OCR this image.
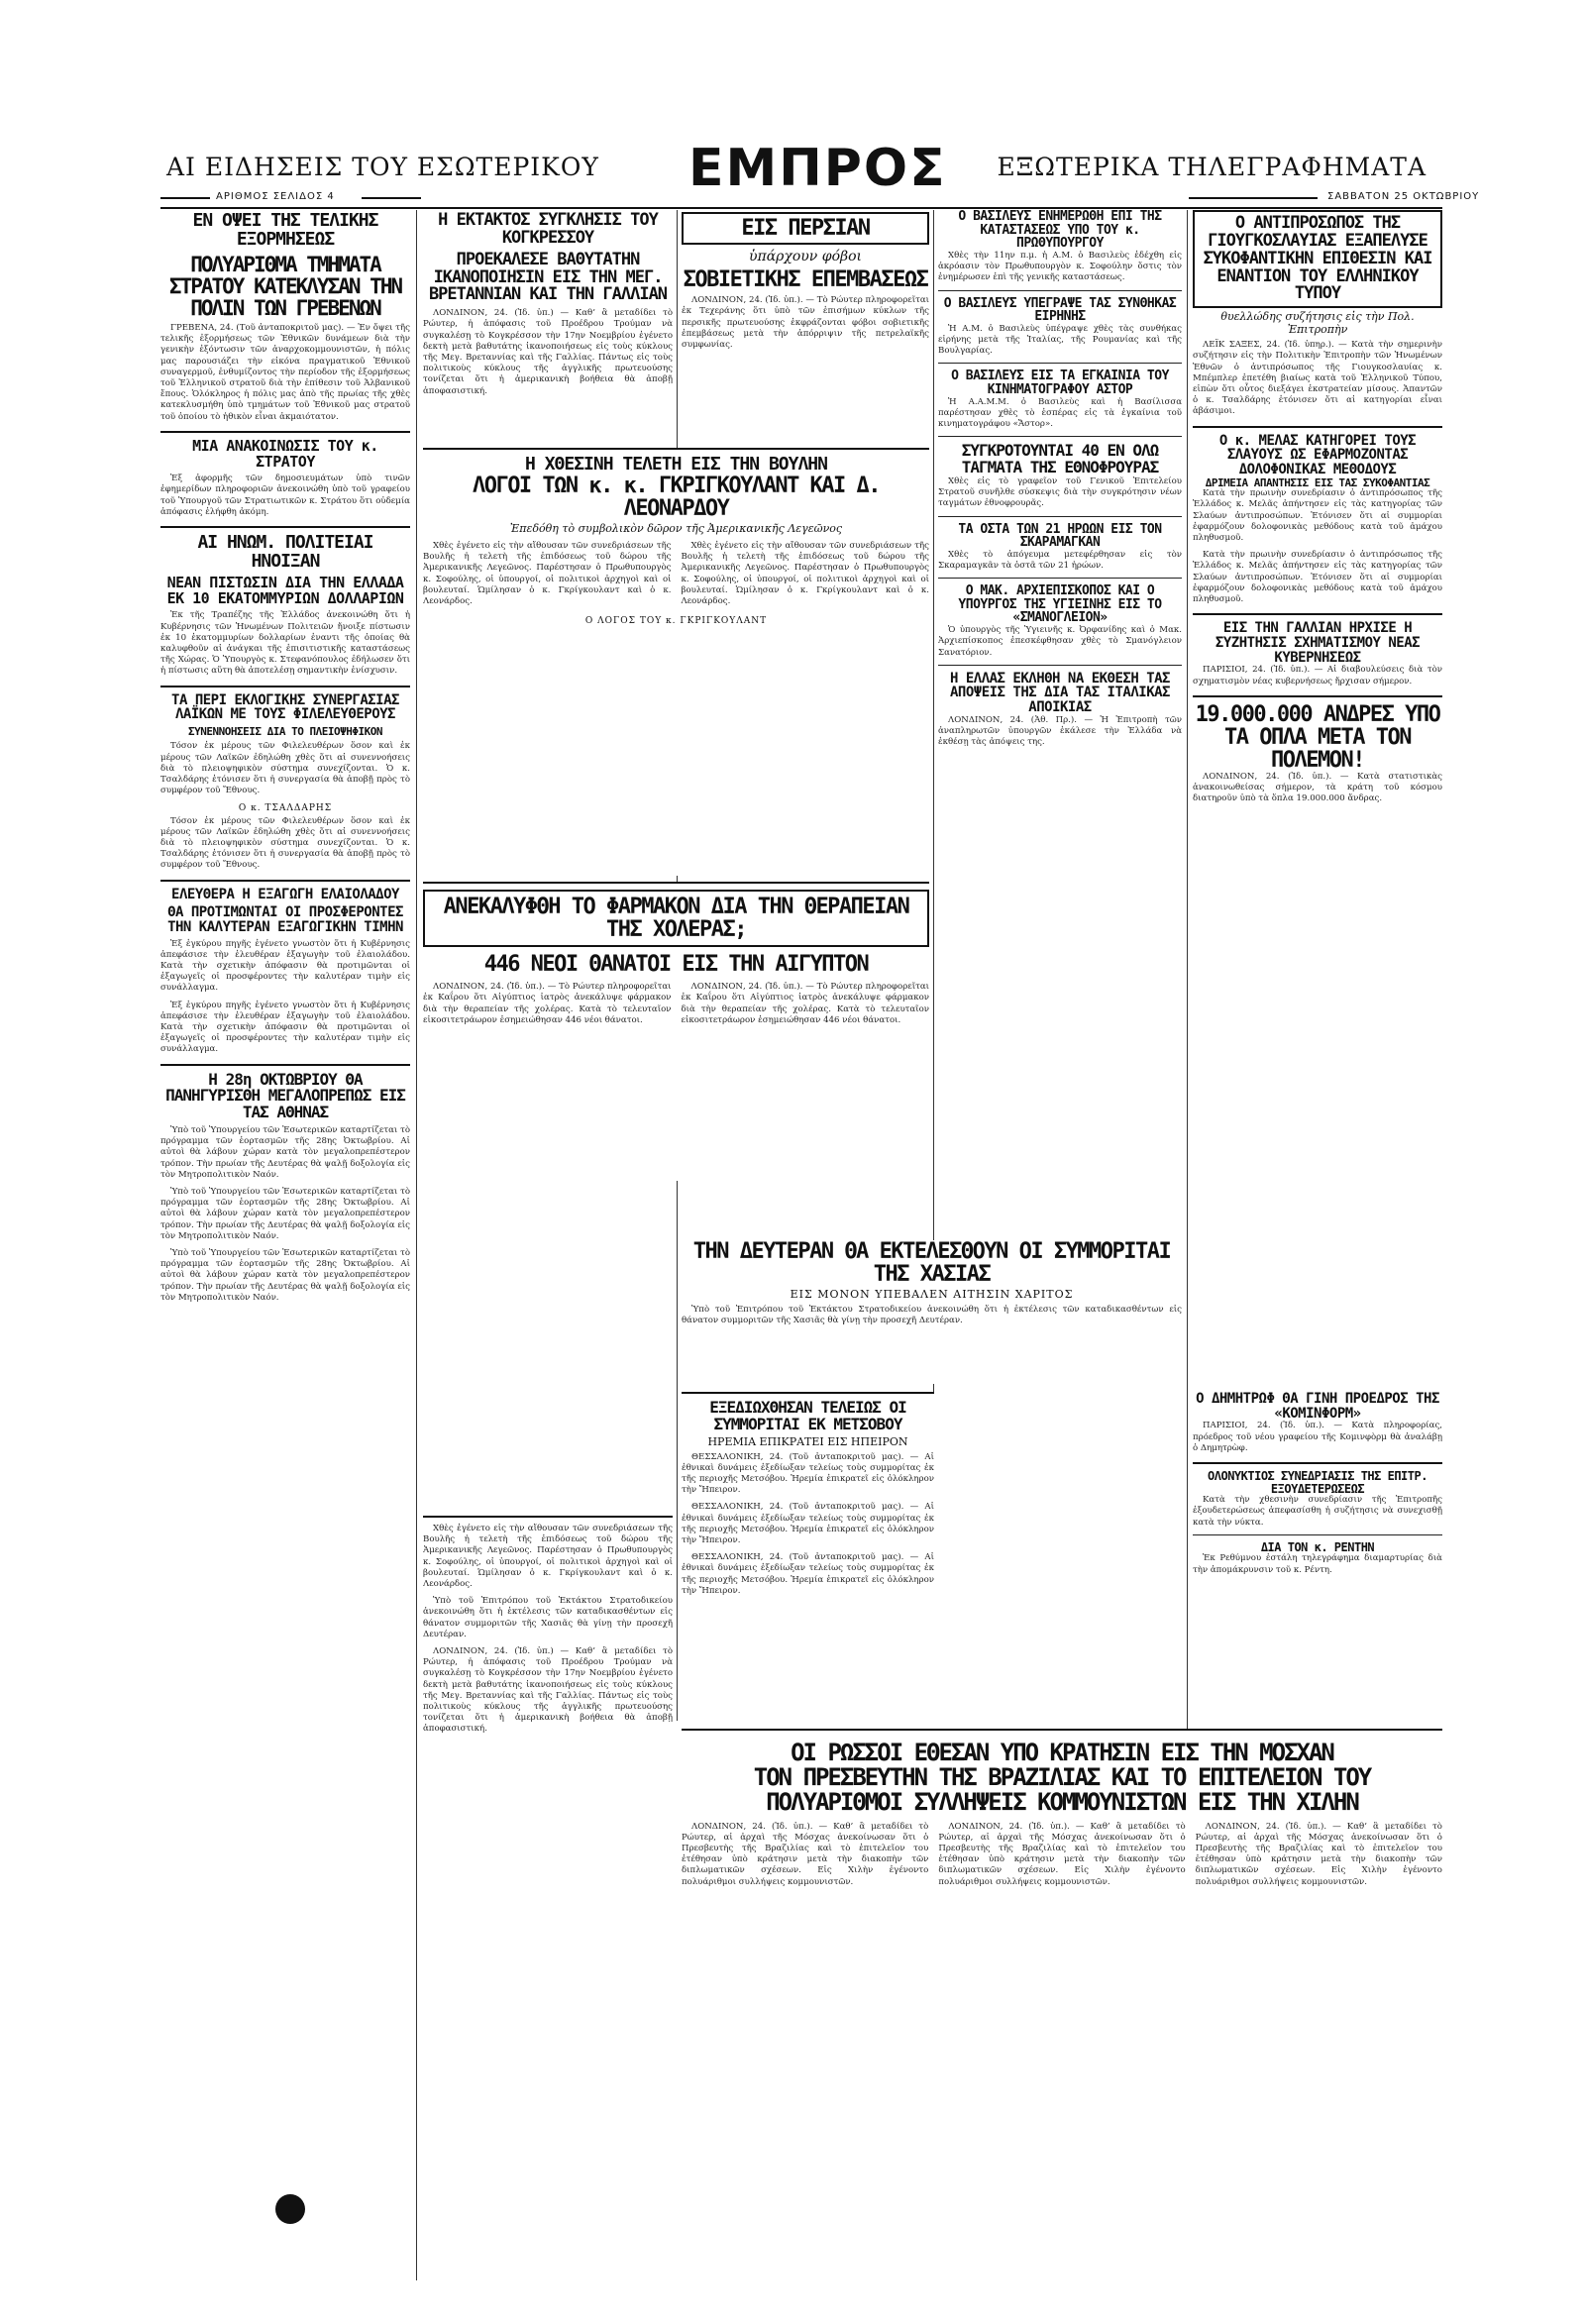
ΑΙ ΕΙΔΗΣΕΙΣ ΤΟΥ ΕΣΩΤΕΡΙΚΟΥ ΕΜΠΡΟΣ ΕΞΩΤΕΡΙΚΑ ΤΗΛΕΓΡΑΦΗΜΑΤΑ
ΑΡΙΘΜΟΣ ΣΕΛΙΔΟΣ 4	ΣΑΒΒΑΤΟΝ 25 ΟΚΤΩΒΡΙΟΥ
ΕΝ ΟΨΕΙ ΤΗΣ ΤΕΛΙΚΗΣ ΕΞΟΡΜΗΣΕΩΣ
ΠΟΛΥΑΡΙΘΜΑ ΤΜΗΜΑΤΑ ΣΤΡΑΤΟΥ ΚΑΤΕΚΛΥΣΑΝ ΤΗΝ ΠΟΛΙΝ ΤΩΝ ΓΡΕΒΕΝΩΝ

ΓΡΕΒΕΝΑ, 24. (Τοῦ ἀνταποκριτοῦ μας). — Ἐν ὄψει τῆς τελικῆς ἐξορμήσεως τῶν Ἐθνικῶν δυνάμεων διὰ τὴν γενικὴν ἐξόντωσιν τῶν ἀναρχοκομμουνιστῶν, ἡ πόλις μας παρουσιάζει τὴν εἰκόνα πραγματικοῦ Ἐθνικοῦ συναγερμοῦ, ἐνθυμίζοντος τὴν περίοδον τῆς ἐξορμήσεως τοῦ Ἑλληνικοῦ στρατοῦ διὰ τὴν ἐπίθεσιν τοῦ Ἀλβανικοῦ ἔπους. Ὁλόκληρος ἡ πόλις μας ἀπὸ τῆς πρωίας τῆς χθὲς κατεκλυσμήθη ὑπὸ τμημάτων τοῦ Ἐθνικοῦ μας στρατοῦ τοῦ ὁποίου τὸ ἠθικὸν εἶναι ἀκμαιότατον.

ΜΙΑ ΑΝΑΚΟΙΝΩΣΙΣ ΤΟΥ κ. ΣΤΡΑΤΟΥ

Ἐξ ἀφορμῆς τῶν δημοσιευμάτων ὑπὸ τινῶν ἐφημερίδων πληροφοριῶν ἀνεκοινώθη ὑπὸ τοῦ γραφείου τοῦ Ὑπουργοῦ τῶν Στρατιωτικῶν κ. Στράτου ὅτι οὐδεμία ἀπόφασις ἐλήφθη ἀκόμη.

ΑΙ ΗΝΩΜ. ΠΟΛΙΤΕΙΑΙ ΗΝΟΙΞΑΝ
ΝΕΑΝ ΠΙΣΤΩΣΙΝ ΔΙΑ ΤΗΝ ΕΛΛΑΔΑ ΕΚ 10 ΕΚΑΤΟΜΜΥΡΙΩΝ ΔΟΛΛΑΡΙΩΝ

Ἐκ τῆς Τραπέζης τῆς Ἑλλάδος ἀνεκοινώθη ὅτι ἡ Κυβέρνησις τῶν Ἡνωμένων Πολιτειῶν ἤνοιξε πίστωσιν ἐκ 10 ἑκατομμυρίων δολλαρίων ἐναντι τῆς ὁποίας θὰ καλυφθοῦν αἱ ἀνάγκαι τῆς ἐπισιτιστικῆς καταστάσεως τῆς Χώρας. Ὁ Ὑπουργὸς κ. Στεφανόπουλος ἐδήλωσεν ὅτι ἡ πίστωσις αὕτη θὰ ἀποτελέσῃ σημαντικὴν ἐνίσχυσιν.

ΤΑ ΠΕΡΙ ΕΚΛΟΓΙΚΗΣ ΣΥΝΕΡΓΑΣΙΑΣ ΛΑΪΚΩΝ ΜΕ ΤΟΥΣ ΦΙΛΕΛΕΥΘΕΡΟΥΣ
ΣΥΝΕΝΝΟΗΣΕΙΣ ΔΙΑ ΤΟ ΠΛΕΙΟΨΗΦΙΚΟΝ

Τόσον ἐκ μέρους τῶν Φιλελευθέρων ὅσον καὶ ἐκ μέρους τῶν Λαϊκῶν ἐδηλώθη χθὲς ὅτι αἱ συνεννοήσεις διὰ τὸ πλειοψηφικὸν σύστημα συνεχίζονται. Ὁ κ. Τσαλδάρης ἐτόνισεν ὅτι ἡ συνεργασία θὰ ἀποβῇ πρὸς τὸ συμφέρον τοῦ Ἔθνους.

Ο κ. ΤΣΑΛΔΑΡΗΣ

Τόσον ἐκ μέρους τῶν Φιλελευθέρων ὅσον καὶ ἐκ μέρους τῶν Λαϊκῶν ἐδηλώθη χθὲς ὅτι αἱ συνεννοήσεις διὰ τὸ πλειοψηφικὸν σύστημα συνεχίζονται. Ὁ κ. Τσαλδάρης ἐτόνισεν ὅτι ἡ συνεργασία θὰ ἀποβῇ πρὸς τὸ συμφέρον τοῦ Ἔθνους.

ΕΛΕΥΘΕΡΑ Η ΕΞΑΓΩΓΗ ΕΛΑΙΟΛΑΔΟΥ
ΘΑ ΠΡΟΤΙΜΩΝΤΑΙ ΟΙ ΠΡΟΣΦΕΡΟΝΤΕΣ ΤΗΝ ΚΑΛΥΤΕΡΑΝ ΕΞΑΓΩΓΙΚΗΝ ΤΙΜΗΝ

Ἐξ ἐγκύρου πηγῆς ἐγένετο γνωστὸν ὅτι ἡ Κυβέρνησις ἀπεφάσισε τὴν ἐλευθέραν ἐξαγωγὴν τοῦ ἐλαιολάδου. Κατὰ τὴν σχετικὴν ἀπόφασιν θὰ προτιμῶνται οἱ ἐξαγωγεῖς οἱ προσφέροντες τὴν καλυτέραν τιμὴν εἰς συνάλλαγμα.

Ἐξ ἐγκύρου πηγῆς ἐγένετο γνωστὸν ὅτι ἡ Κυβέρνησις ἀπεφάσισε τὴν ἐλευθέραν ἐξαγωγὴν τοῦ ἐλαιολάδου. Κατὰ τὴν σχετικὴν ἀπόφασιν θὰ προτιμῶνται οἱ ἐξαγωγεῖς οἱ προσφέροντες τὴν καλυτέραν τιμὴν εἰς συνάλλαγμα.

Η 28η ΟΚΤΩΒΡΙΟΥ ΘΑ ΠΑΝΗΓΥΡΙΣΘΗ ΜΕΓΑΛΟΠΡΕΠΩΣ ΕΙΣ ΤΑΣ ΑΘΗΝΑΣ

Ὑπὸ τοῦ Ὑπουργείου τῶν Ἐσωτερικῶν καταρτίζεται τὸ πρόγραμμα τῶν ἑορτασμῶν τῆς 28ης Ὀκτωβρίου. Αἱ αὐτοὶ θὰ λάβουν χώραν κατὰ τὸν μεγαλοπρεπέστερον τρόπον. Τὴν πρωίαν τῆς Δευτέρας θὰ ψαλῇ δοξολογία εἰς τὸν Μητροπολιτικὸν Ναόν.

Ὑπὸ τοῦ Ὑπουργείου τῶν Ἐσωτερικῶν καταρτίζεται τὸ πρόγραμμα τῶν ἑορτασμῶν τῆς 28ης Ὀκτωβρίου. Αἱ αὐτοὶ θὰ λάβουν χώραν κατὰ τὸν μεγαλοπρεπέστερον τρόπον. Τὴν πρωίαν τῆς Δευτέρας θὰ ψαλῇ δοξολογία εἰς τὸν Μητροπολιτικὸν Ναόν.

Ὑπὸ τοῦ Ὑπουργείου τῶν Ἐσωτερικῶν καταρτίζεται τὸ πρόγραμμα τῶν ἑορτασμῶν τῆς 28ης Ὀκτωβρίου. Αἱ αὐτοὶ θὰ λάβουν χώραν κατὰ τὸν μεγαλοπρεπέστερον τρόπον. Τὴν πρωίαν τῆς Δευτέρας θὰ ψαλῇ δοξολογία εἰς τὸν Μητροπολιτικὸν Ναόν.

Η ΕΚΤΑΚΤΟΣ ΣΥΓΚΛΗΣΙΣ ΤΟΥ ΚΟΓΚΡΕΣΣΟΥ
ΠΡΟΕΚΑΛΕΣΕ ΒΑΘΥΤΑΤΗΝ ΙΚΑΝΟΠΟΙΗΣΙΝ ΕΙΣ ΤΗΝ ΜΕΓ. ΒΡΕΤΑΝΝΙΑΝ ΚΑΙ ΤΗΝ ΓΑΛΛΙΑΝ

ΛΟΝΔΙΝΟΝ, 24. (Ἰδ. ὑπ.) — Καθ’ ἃ μεταδίδει τὸ Ρώυτερ, ἡ ἀπόφασις τοῦ Προέδρου Τρούμαν νὰ συγκαλέσῃ τὸ Κογκρέσσον τὴν 17ην Νοεμβρίου ἐγένετο δεκτὴ μετὰ βαθυτάτης ἱκανοποιήσεως εἰς τοὺς κύκλους τῆς Μεγ. Βρεταννίας καὶ τῆς Γαλλίας. Πάντως εἰς τοὺς πολιτικοὺς κύκλους τῆς ἀγγλικῆς πρωτευούσης τονίζεται ὅτι ἡ ἀμερικανικὴ βοήθεια θὰ ἀποβῇ ἀποφασιστική.

ΕΙΣ ΠΕΡΣΙΑΝ
ὑπάρχουν φόβοι
ΣΟΒΙΕΤΙΚΗΣ ΕΠΕΜΒΑΣΕΩΣ

ΛΟΝΔΙΝΟΝ, 24. (Ἰδ. ὑπ.). — Τὸ Ρώυτερ πληροφορεῖται ἐκ Τεχεράνης ὅτι ὑπὸ τῶν ἐπισήμων κύκλων τῆς περσικῆς πρωτευούσης ἐκφράζονται φόβοι σοβιετικῆς ἐπεμβάσεως μετὰ τὴν ἀπόρριψιν τῆς πετρελαϊκῆς συμφωνίας.

Ο ΑΝΤΙΠΡΟΣΩΠΟΣ ΤΗΣ ΓΙΟΥΓΚΟΣΛΑΥΙΑΣ ΕΞΑΠΕΛΥΣΕ ΣΥΚΟΦΑΝΤΙΚΗΝ ΕΠΙΘΕΣΙΝ ΚΑΙ ΕΝΑΝΤΙΟΝ ΤΟΥ ΕΛΛΗΝΙΚΟΥ ΤΥΠΟΥ
θυελλώδης συζήτησις εἰς τὴν Πολ. Ἐπιτροπὴν

ΛΕΪΚ ΣΑΞΕΣ, 24. (Ἰδ. ὑπηρ.). — Κατὰ τὴν σημερινὴν συζήτησιν εἰς τὴν Πολιτικὴν Ἐπιτροπὴν τῶν Ἡνωμένων Ἐθνῶν ὁ ἀντιπρόσωπος τῆς Γιουγκοσλαυίας κ. Μπέμπλερ ἐπετέθη βιαίως κατὰ τοῦ Ἑλληνικοῦ Τύπου, εἰπὼν ὅτι οὗτος διεξάγει ἐκστρατείαν μίσους. Ἀπαντῶν ὁ κ. Τσαλδάρης ἐτόνισεν ὅτι αἱ κατηγορίαι εἶναι ἀβάσιμοι.

Ο κ. ΜΕΛΑΣ ΚΑΤΗΓΟΡΕΙ ΤΟΥΣ ΣΛΑΥΟΥΣ ΩΣ ΕΦΑΡΜΟΖΟΝΤΑΣ ΔΟΛΟΦΟΝΙΚΑΣ ΜΕΘΟΔΟΥΣ
ΔΡΙΜΕΙΑ ΑΠΑΝΤΗΣΙΣ ΕΙΣ ΤΑΣ ΣΥΚΟΦΑΝΤΙΑΣ

Κατὰ τὴν πρωινὴν συνεδρίασιν ὁ ἀντιπρόσωπος τῆς Ἑλλάδος κ. Μελᾶς ἀπήντησεν εἰς τὰς κατηγορίας τῶν Σλαύων ἀντιπροσώπων. Ἐτόνισεν ὅτι αἱ συμμορίαι ἐφαρμόζουν δολοφονικὰς μεθόδους κατὰ τοῦ ἀμάχου πληθυσμοῦ.

Κατὰ τὴν πρωινὴν συνεδρίασιν ὁ ἀντιπρόσωπος τῆς Ἑλλάδος κ. Μελᾶς ἀπήντησεν εἰς τὰς κατηγορίας τῶν Σλαύων ἀντιπροσώπων. Ἐτόνισεν ὅτι αἱ συμμορίαι ἐφαρμόζουν δολοφονικὰς μεθόδους κατὰ τοῦ ἀμάχου πληθυσμοῦ.

ΕΙΣ ΤΗΝ ΓΑΛΛΙΑΝ ΗΡΧΙΣΕ Η ΣΥΖΗΤΗΣΙΣ ΣΧΗΜΑΤΙΣΜΟΥ ΝΕΑΣ ΚΥΒΕΡΝΗΣΕΩΣ

ΠΑΡΙΣΙΟΙ, 24. (Ἰδ. ὑπ.). — Αἱ διαβουλεύσεις διὰ τὸν σχηματισμὸν νέας κυβερνήσεως ἤρχισαν σήμερον.

19.000.000 ΑΝΔΡΕΣ ΥΠΟ ΤΑ ΟΠΛΑ ΜΕΤΑ ΤΟΝ ΠΟΛΕΜΟΝ!

ΛΟΝΔΙΝΟΝ, 24. (Ἰδ. ὑπ.). — Κατὰ στατιστικὰς ἀνακοινωθείσας σήμερον, τὰ κράτη τοῦ κόσμου διατηροῦν ὑπὸ τὰ ὅπλα 19.000.000 ἄνδρας.

Ο ΒΑΣΙΛΕΥΣ ΕΝΗΜΕΡΩΘΗ ΕΠΙ ΤΗΣ ΚΑΤΑΣΤΑΣΕΩΣ ΥΠΟ ΤΟΥ κ. ΠΡΩΘΥΠΟΥΡΓΟΥ

Χθὲς τὴν 11ην π.μ. ἡ Α.Μ. ὁ Βασιλεὺς ἐδέχθη εἰς ἀκρόασιν τὸν Πρωθυπουργὸν κ. Σοφούλην ὅστις τὸν ἐνημέρωσεν ἐπὶ τῆς γενικῆς καταστάσεως.

Ο ΒΑΣΙΛΕΥΣ ΥΠΕΓΡΑΨΕ ΤΑΣ ΣΥΝΘΗΚΑΣ ΕΙΡΗΝΗΣ

Ἡ Α.Μ. ὁ Βασιλεὺς ὑπέγραψε χθὲς τὰς συνθήκας εἰρήνης μετὰ τῆς Ἰταλίας, τῆς Ρουμανίας καὶ τῆς Βουλγαρίας.

Ο ΒΑΣΙΛΕΥΣ ΕΙΣ ΤΑ ΕΓΚΑΙΝΙΑ ΤΟΥ ΚΙΝΗΜΑΤΟΓΡΑΦΟΥ ΑΣΤΟΡ

Ἡ Α.Α.Μ.Μ. ὁ Βασιλεὺς καὶ ἡ Βασίλισσα παρέστησαν χθὲς τὸ ἑσπέρας εἰς τὰ ἐγκαίνια τοῦ κινηματογράφου «Ἄστορ».

ΣΥΓΚΡΟΤΟΥΝΤΑΙ 40 ΕΝ ΟΛΩ ΤΑΓΜΑΤΑ ΤΗΣ ΕΘΝΟΦΡΟΥΡΑΣ

Χθὲς εἰς τὸ γραφεῖον τοῦ Γενικοῦ Ἐπιτελείου Στρατοῦ συνῆλθε σύσκεψις διὰ τὴν συγκρότησιν νέων ταγμάτων ἐθνοφρουρᾶς.

ΤΑ ΟΣΤΑ ΤΩΝ 21 ΗΡΩΩΝ ΕΙΣ ΤΟΝ ΣΚΑΡΑΜΑΓΚΑΝ

Χθὲς τὸ ἀπόγευμα μετεφέρθησαν εἰς τὸν Σκαραμαγκᾶν τὰ ὀστᾶ τῶν 21 ἡρώων.

Ο ΜΑΚ. ΑΡΧΙΕΠΙΣΚΟΠΟΣ ΚΑΙ Ο ΥΠΟΥΡΓΟΣ ΤΗΣ ΥΓΙΕΙΝΗΣ ΕΙΣ ΤΟ «ΣΜΑΝΟΓΛΕΙΟΝ»

Ὁ ὑπουργὸς τῆς Ὑγιεινῆς κ. Ὀρφανίδης καὶ ὁ Μακ. Ἀρχιεπίσκοπος ἐπεσκέφθησαν χθὲς τὸ Σμανόγλειον Σανατόριον.

Η ΕΛΛΑΣ ΕΚΛΗΘΗ ΝΑ ΕΚΘΕΣΗ ΤΑΣ ΑΠΟΨΕΙΣ ΤΗΣ ΔΙΑ ΤΑΣ ΙΤΑΛΙΚΑΣ ΑΠΟΙΚΙΑΣ

ΛΟΝΔΙΝΟΝ, 24. (Ἀθ. Πρ.). — Ἡ Ἐπιτροπὴ τῶν ἀναπληρωτῶν ὑπουργῶν ἐκάλεσε τὴν Ἑλλάδα νὰ ἐκθέσῃ τὰς ἀπόψεις της.

Η ΧΘΕΣΙΝΗ ΤΕΛΕΤΗ ΕΙΣ ΤΗΝ ΒΟΥΛΗΝ
ΛΟΓΟΙ ΤΩΝ κ. κ. ΓΚΡΙΓΚΟΥΛΑΝΤ ΚΑΙ Δ. ΛΕΟΝΑΡΔΟΥ
Ἐπεδόθη τὸ συμβολικὸν δῶρον τῆς Ἀμερικανικῆς Λεγεῶνος

Χθὲς ἐγένετο εἰς τὴν αἴθουσαν τῶν συνεδριάσεων τῆς Βουλῆς ἡ τελετὴ τῆς ἐπιδόσεως τοῦ δώρου τῆς Ἀμερικανικῆς Λεγεῶνος. Παρέστησαν ὁ Πρωθυπουργὸς κ. Σοφούλης, οἱ ὑπουργοί, οἱ πολιτικοὶ ἀρχηγοὶ καὶ οἱ βουλευταί. Ὡμίλησαν ὁ κ. Γκρίγκουλαντ καὶ ὁ κ. Λεονάρδος.

Χθὲς ἐγένετο εἰς τὴν αἴθουσαν τῶν συνεδριάσεων τῆς Βουλῆς ἡ τελετὴ τῆς ἐπιδόσεως τοῦ δώρου τῆς Ἀμερικανικῆς Λεγεῶνος. Παρέστησαν ὁ Πρωθυπουργὸς κ. Σοφούλης, οἱ ὑπουργοί, οἱ πολιτικοὶ ἀρχηγοὶ καὶ οἱ βουλευταί. Ὡμίλησαν ὁ κ. Γκρίγκουλαντ καὶ ὁ κ. Λεονάρδος.

Ο ΛΟΓΟΣ ΤΟΥ κ. ΓΚΡΙΓΚΟΥΛΑΝΤ
ΑΝΕΚΑΛΥΦΘΗ ΤΟ ΦΑΡΜΑΚΟΝ ΔΙΑ ΤΗΝ ΘΕΡΑΠΕΙΑΝ ΤΗΣ ΧΟΛΕΡΑΣ;
446 ΝΕΟΙ ΘΑΝΑΤΟΙ ΕΙΣ ΤΗΝ ΑΙΓΥΠΤΟΝ

ΛΟΝΔΙΝΟΝ, 24. (Ἰδ. ὑπ.). — Τὸ Ρώυτερ πληροφορεῖται ἐκ Καΐρου ὅτι Αἰγύπτιος ἰατρὸς ἀνεκάλυψε φάρμακον διὰ τὴν θεραπείαν τῆς χολέρας. Κατὰ τὸ τελευταῖον εἰκοσιτετράωρον ἐσημειώθησαν 446 νέοι θάνατοι.

ΛΟΝΔΙΝΟΝ, 24. (Ἰδ. ὑπ.). — Τὸ Ρώυτερ πληροφορεῖται ἐκ Καΐρου ὅτι Αἰγύπτιος ἰατρὸς ἀνεκάλυψε φάρμακον διὰ τὴν θεραπείαν τῆς χολέρας. Κατὰ τὸ τελευταῖον εἰκοσιτετράωρον ἐσημειώθησαν 446 νέοι θάνατοι.

ΤΗΝ ΔΕΥΤΕΡΑΝ ΘΑ ΕΚΤΕΛΕΣΘΟΥΝ ΟΙ ΣΥΜΜΟΡΙΤΑΙ ΤΗΣ ΧΑΣΙΑΣ
ΕΙΣ ΜΟΝΟΝ ΥΠΕΒΑΛΕΝ ΑΙΤΗΣΙΝ ΧΑΡΙΤΟΣ

Ὑπὸ τοῦ Ἐπιτρόπου τοῦ Ἐκτάκτου Στρατοδικείου ἀνεκοινώθη ὅτι ἡ ἐκτέλεσις τῶν καταδικασθέντων εἰς θάνατον συμμοριτῶν τῆς Χασιᾶς θὰ γίνῃ τὴν προσεχῆ Δευτέραν.

ΕΞΕΔΙΩΧΘΗΣΑΝ ΤΕΛΕΙΩΣ ΟΙ ΣΥΜΜΟΡΙΤΑΙ ΕΚ ΜΕΤΣΟΒΟΥ
ΗΡΕΜΙΑ ΕΠΙΚΡΑΤΕΙ ΕΙΣ ΗΠΕΙΡΟΝ

ΘΕΣΣΑΛΟΝΙΚΗ, 24. (Τοῦ ἀνταποκριτοῦ μας). — Αἱ ἐθνικαὶ δυνάμεις ἐξεδίωξαν τελείως τοὺς συμμορίτας ἐκ τῆς περιοχῆς Μετσόβου. Ἠρεμία ἐπικρατεῖ εἰς ὁλόκληρον τὴν Ἤπειρον.

ΘΕΣΣΑΛΟΝΙΚΗ, 24. (Τοῦ ἀνταποκριτοῦ μας). — Αἱ ἐθνικαὶ δυνάμεις ἐξεδίωξαν τελείως τοὺς συμμορίτας ἐκ τῆς περιοχῆς Μετσόβου. Ἠρεμία ἐπικρατεῖ εἰς ὁλόκληρον τὴν Ἤπειρον.

ΘΕΣΣΑΛΟΝΙΚΗ, 24. (Τοῦ ἀνταποκριτοῦ μας). — Αἱ ἐθνικαὶ δυνάμεις ἐξεδίωξαν τελείως τοὺς συμμορίτας ἐκ τῆς περιοχῆς Μετσόβου. Ἠρεμία ἐπικρατεῖ εἰς ὁλόκληρον τὴν Ἤπειρον.

Ο ΔΗΜΗΤΡΩΦ ΘΑ ΓΙΝΗ ΠΡΟΕΔΡΟΣ ΤΗΣ «ΚΟΜΙΝΦΟΡΜ»

ΠΑΡΙΣΙΟΙ, 24. (Ἰδ. ὑπ.). — Κατὰ πληροφορίας, πρόεδρος τοῦ νέου γραφείου τῆς Κομινφὸρμ θὰ ἀναλάβῃ ὁ Δημητρὼφ.

ΟΛΟΝΥΚΤΙΟΣ ΣΥΝΕΔΡΙΑΣΙΣ ΤΗΣ ΕΠΙΤΡ. ΕΞΟΥΔΕΤΕΡΩΣΕΩΣ

Κατὰ τὴν χθεσινὴν συνεδρίασιν τῆς Ἐπιτροπῆς ἐξουδετερώσεως ἀπεφασίσθη ἡ συζήτησις νὰ συνεχισθῇ κατὰ τὴν νύκτα.

ΔΙΑ ΤΟΝ κ. ΡΕΝΤΗΝ

Ἐκ Ρεθύμνου ἐστάλη τηλεγράφημα διαμαρτυρίας διὰ τὴν ἀπομάκρυνσιν τοῦ κ. Ρέντη.

ΟΙ ΡΩΣΣΟΙ ΕΘΕΣΑΝ ΥΠΟ ΚΡΑΤΗΣΙΝ ΕΙΣ ΤΗΝ ΜΟΣΧΑΝ
ΤΟΝ ΠΡΕΣΒΕΥΤΗΝ ΤΗΣ ΒΡΑΖΙΛΙΑΣ ΚΑΙ ΤΟ ΕΠΙΤΕΛΕΙΟΝ ΤΟΥ
ΠΟΛΥΑΡΙΘΜΟΙ ΣΥΛΛΗΨΕΙΣ ΚΟΜΜΟΥΝΙΣΤΩΝ ΕΙΣ ΤΗΝ ΧΙΛΗΝ

ΛΟΝΔΙΝΟΝ, 24. (Ἰδ. ὑπ.). — Καθ’ ἃ μεταδίδει τὸ Ρώυτερ, αἱ ἀρχαὶ τῆς Μόσχας ἀνεκοίνωσαν ὅτι ὁ Πρεσβευτὴς τῆς Βραζιλίας καὶ τὸ ἐπιτελεῖον του ἐτέθησαν ὑπὸ κράτησιν μετὰ τὴν διακοπὴν τῶν διπλωματικῶν σχέσεων. Εἰς Χιλὴν ἐγένοντο πολυάριθμοι συλλήψεις κομμουνιστῶν.

ΛΟΝΔΙΝΟΝ, 24. (Ἰδ. ὑπ.). — Καθ’ ἃ μεταδίδει τὸ Ρώυτερ, αἱ ἀρχαὶ τῆς Μόσχας ἀνεκοίνωσαν ὅτι ὁ Πρεσβευτὴς τῆς Βραζιλίας καὶ τὸ ἐπιτελεῖον του ἐτέθησαν ὑπὸ κράτησιν μετὰ τὴν διακοπὴν τῶν διπλωματικῶν σχέσεων. Εἰς Χιλὴν ἐγένοντο πολυάριθμοι συλλήψεις κομμουνιστῶν.

ΛΟΝΔΙΝΟΝ, 24. (Ἰδ. ὑπ.). — Καθ’ ἃ μεταδίδει τὸ Ρώυτερ, αἱ ἀρχαὶ τῆς Μόσχας ἀνεκοίνωσαν ὅτι ὁ Πρεσβευτὴς τῆς Βραζιλίας καὶ τὸ ἐπιτελεῖον του ἐτέθησαν ὑπὸ κράτησιν μετὰ τὴν διακοπὴν τῶν διπλωματικῶν σχέσεων. Εἰς Χιλὴν ἐγένοντο πολυάριθμοι συλλήψεις κομμουνιστῶν.

Χθὲς ἐγένετο εἰς τὴν αἴθουσαν τῶν συνεδριάσεων τῆς Βουλῆς ἡ τελετὴ τῆς ἐπιδόσεως τοῦ δώρου τῆς Ἀμερικανικῆς Λεγεῶνος. Παρέστησαν ὁ Πρωθυπουργὸς κ. Σοφούλης, οἱ ὑπουργοί, οἱ πολιτικοὶ ἀρχηγοὶ καὶ οἱ βουλευταί. Ὡμίλησαν ὁ κ. Γκρίγκουλαντ καὶ ὁ κ. Λεονάρδος.

Ὑπὸ τοῦ Ἐπιτρόπου τοῦ Ἐκτάκτου Στρατοδικείου ἀνεκοινώθη ὅτι ἡ ἐκτέλεσις τῶν καταδικασθέντων εἰς θάνατον συμμοριτῶν τῆς Χασιᾶς θὰ γίνῃ τὴν προσεχῆ Δευτέραν.

ΛΟΝΔΙΝΟΝ, 24. (Ἰδ. ὑπ.) — Καθ’ ἃ μεταδίδει τὸ Ρώυτερ, ἡ ἀπόφασις τοῦ Προέδρου Τρούμαν νὰ συγκαλέσῃ τὸ Κογκρέσσον τὴν 17ην Νοεμβρίου ἐγένετο δεκτὴ μετὰ βαθυτάτης ἱκανοποιήσεως εἰς τοὺς κύκλους τῆς Μεγ. Βρεταννίας καὶ τῆς Γαλλίας. Πάντως εἰς τοὺς πολιτικοὺς κύκλους τῆς ἀγγλικῆς πρωτευούσης τονίζεται ὅτι ἡ ἀμερικανικὴ βοήθεια θὰ ἀποβῇ ἀποφασιστική.
